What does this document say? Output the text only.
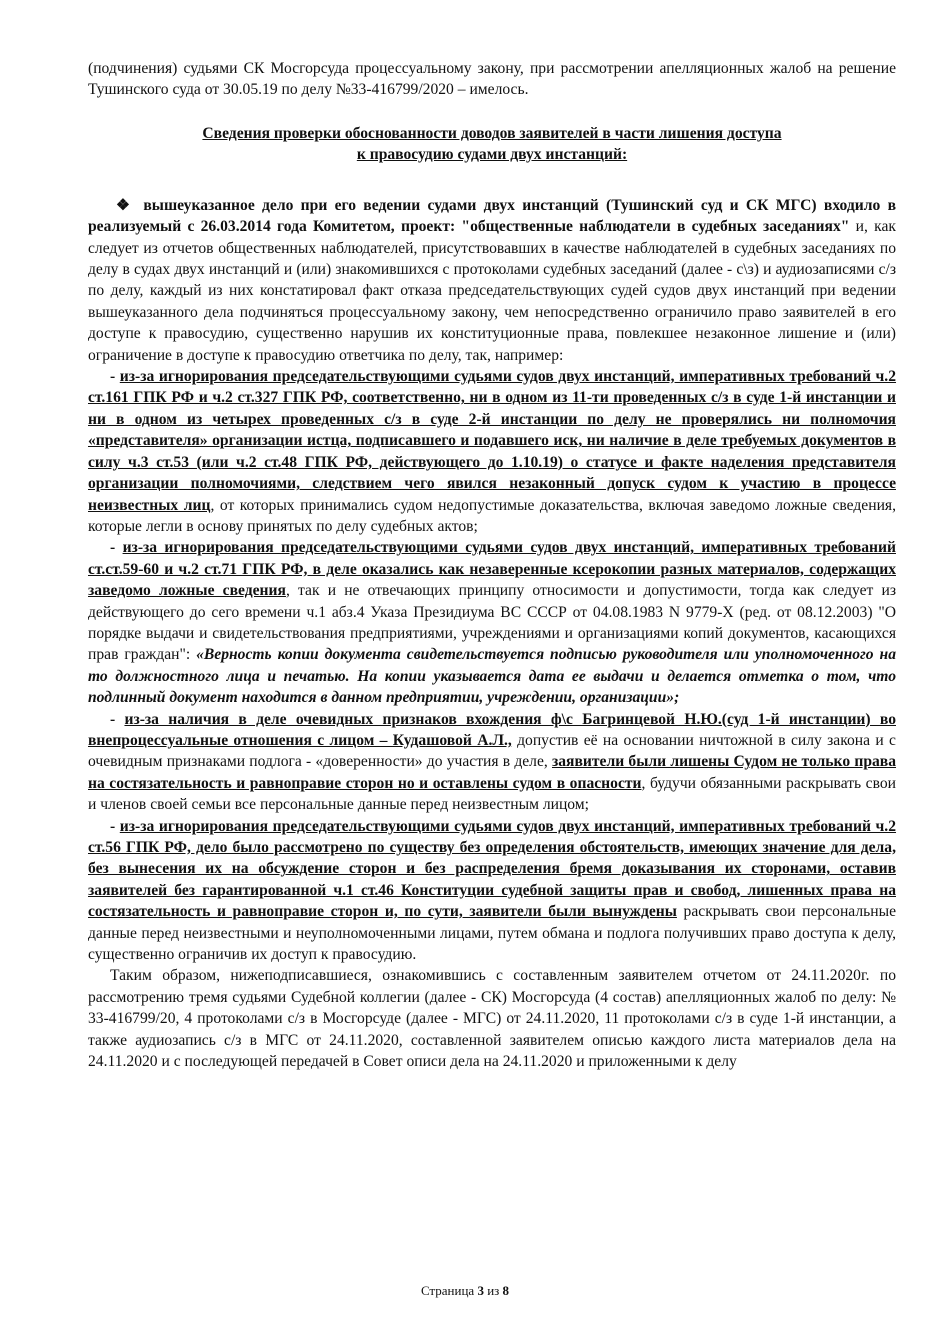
(подчинения) судьями СК Мосгорсуда процессуальному закону, при рассмотрении апелляционных жалоб на решение Тушинского суда от 30.05.19 по делу №33-416799/2020 – имелось.

Сведения проверки обоснованности доводов заявителей в части лишения доступа
к правосудию судами двух инстанций:

❖ вышеуказанное дело при его ведении судами двух инстанций (Тушинский суд и СК МГС) входило в реализуемый с 26.03.2014 года Комитетом, проект: "общественные наблюдатели в судебных заседаниях" и, как следует из отчетов общественных наблюдателей, присутствовавших в качестве наблюдателей в судебных заседаниях по делу в судах двух инстанций и (или) знакомившихся с протоколами судебных заседаний (далее - с\з) и аудиозаписями с/з по делу, каждый из них констатировал факт отказа председательствующих судей судов двух инстанций при ведении вышеуказанного дела подчиняться процессуальному закону, чем непосредственно ограничило право заявителей в его доступе к правосудию, существенно нарушив их конституционные права, повлекшее незаконное лишение и (или) ограничение в доступе к правосудию ответчика по делу, так, например:

- из-за игнорирования председательствующими судьями судов двух инстанций, императивных требований ч.2 ст.161 ГПК РФ и ч.2 ст.327 ГПК РФ, соответственно, ни в одном из 11-ти проведенных с/з в суде 1-й инстанции и ни в одном из четырех проведенных с/з в суде 2-й инстанции по делу не проверялись ни полномочия «представителя» организации истца, подписавшего и подавшего иск, ни наличие в деле требуемых документов в силу ч.3 ст.53 (или ч.2 ст.48 ГПК РФ, действующего до 1.10.19) о статусе и факте наделения представителя организации полномочиями, следствием чего явился незаконный допуск судом к участию в процессе неизвестных лиц, от которых принимались судом недопустимые доказательства, включая заведомо ложные сведения, которые легли в основу принятых по делу судебных актов;

- из-за игнорирования председательствующими судьями судов двух инстанций, императивных требований ст.ст.59-60 и ч.2 ст.71 ГПК РФ, в деле оказались как незаверенные ксерокопии разных материалов, содержащих заведомо ложные сведения, так и не отвечающих принципу относимости и допустимости, тогда как следует из действующего до сего времени ч.1 абз.4 Указа Президиума ВС СССР от 04.08.1983 N 9779-Х (ред. от 08.12.2003) "О порядке выдачи и свидетельствования предприятиями, учреждениями и организациями копий документов, касающихся прав граждан": «Верность копии документа свидетельствуется подписью руководителя или уполномоченного на то должностного лица и печатью. На копии указывается дата ее выдачи и делается отметка о том, что подлинный документ находится в данном предприятии, учреждении, организации»;

- из-за наличия в деле очевидных признаков вхождения ф\с Багринцевой Н.Ю.(суд 1-й инстанции) во внепроцессуальные отношения с лицом – Кудашовой А.Л., допустив её на основании ничтожной в силу закона и с очевидным признаками подлога - «доверенности» до участия в деле, заявители были лишены Судом не только права на состязательность и равноправие сторон но и оставлены судом в опасности, будучи обязанными раскрывать свои и членов своей семьи все персональные данные перед неизвестным лицом;

- из-за игнорирования председательствующими судьями судов двух инстанций, императивных требований ч.2 ст.56 ГПК РФ, дело было рассмотрено по существу без определения обстоятельств, имеющих значение для дела, без вынесения их на обсуждение сторон и без распределения бремя доказывания их сторонами, оставив заявителей без гарантированной ч.1 ст.46 Конституции судебной защиты прав и свобод, лишенных права на состязательность и равноправие сторон и, по сути, заявители были вынуждены раскрывать свои персональные данные перед неизвестными и неуполномоченными лицами, путем обмана и подлога получивших право доступа к делу, существенно ограничив их доступ к правосудию.

Таким образом, нижеподписавшиеся, ознакомившись с составленным заявителем отчетом от 24.11.2020г. по рассмотрению тремя судьями Судебной коллегии (далее - СК) Мосгорсуда (4 состав) апелляционных жалоб по делу: № 33-416799/20, 4 протоколами с/з в Мосгорсуде (далее - МГС) от 24.11.2020, 11 протоколами с/з в суде 1-й инстанции, а также аудиозапись с/з в МГС от 24.11.2020, составленной заявителем описью каждого листа материалов дела на 24.11.2020 и с последующей передачей в Совет описи дела на 24.11.2020 и приложенными к делу

Страница 3 из 8
